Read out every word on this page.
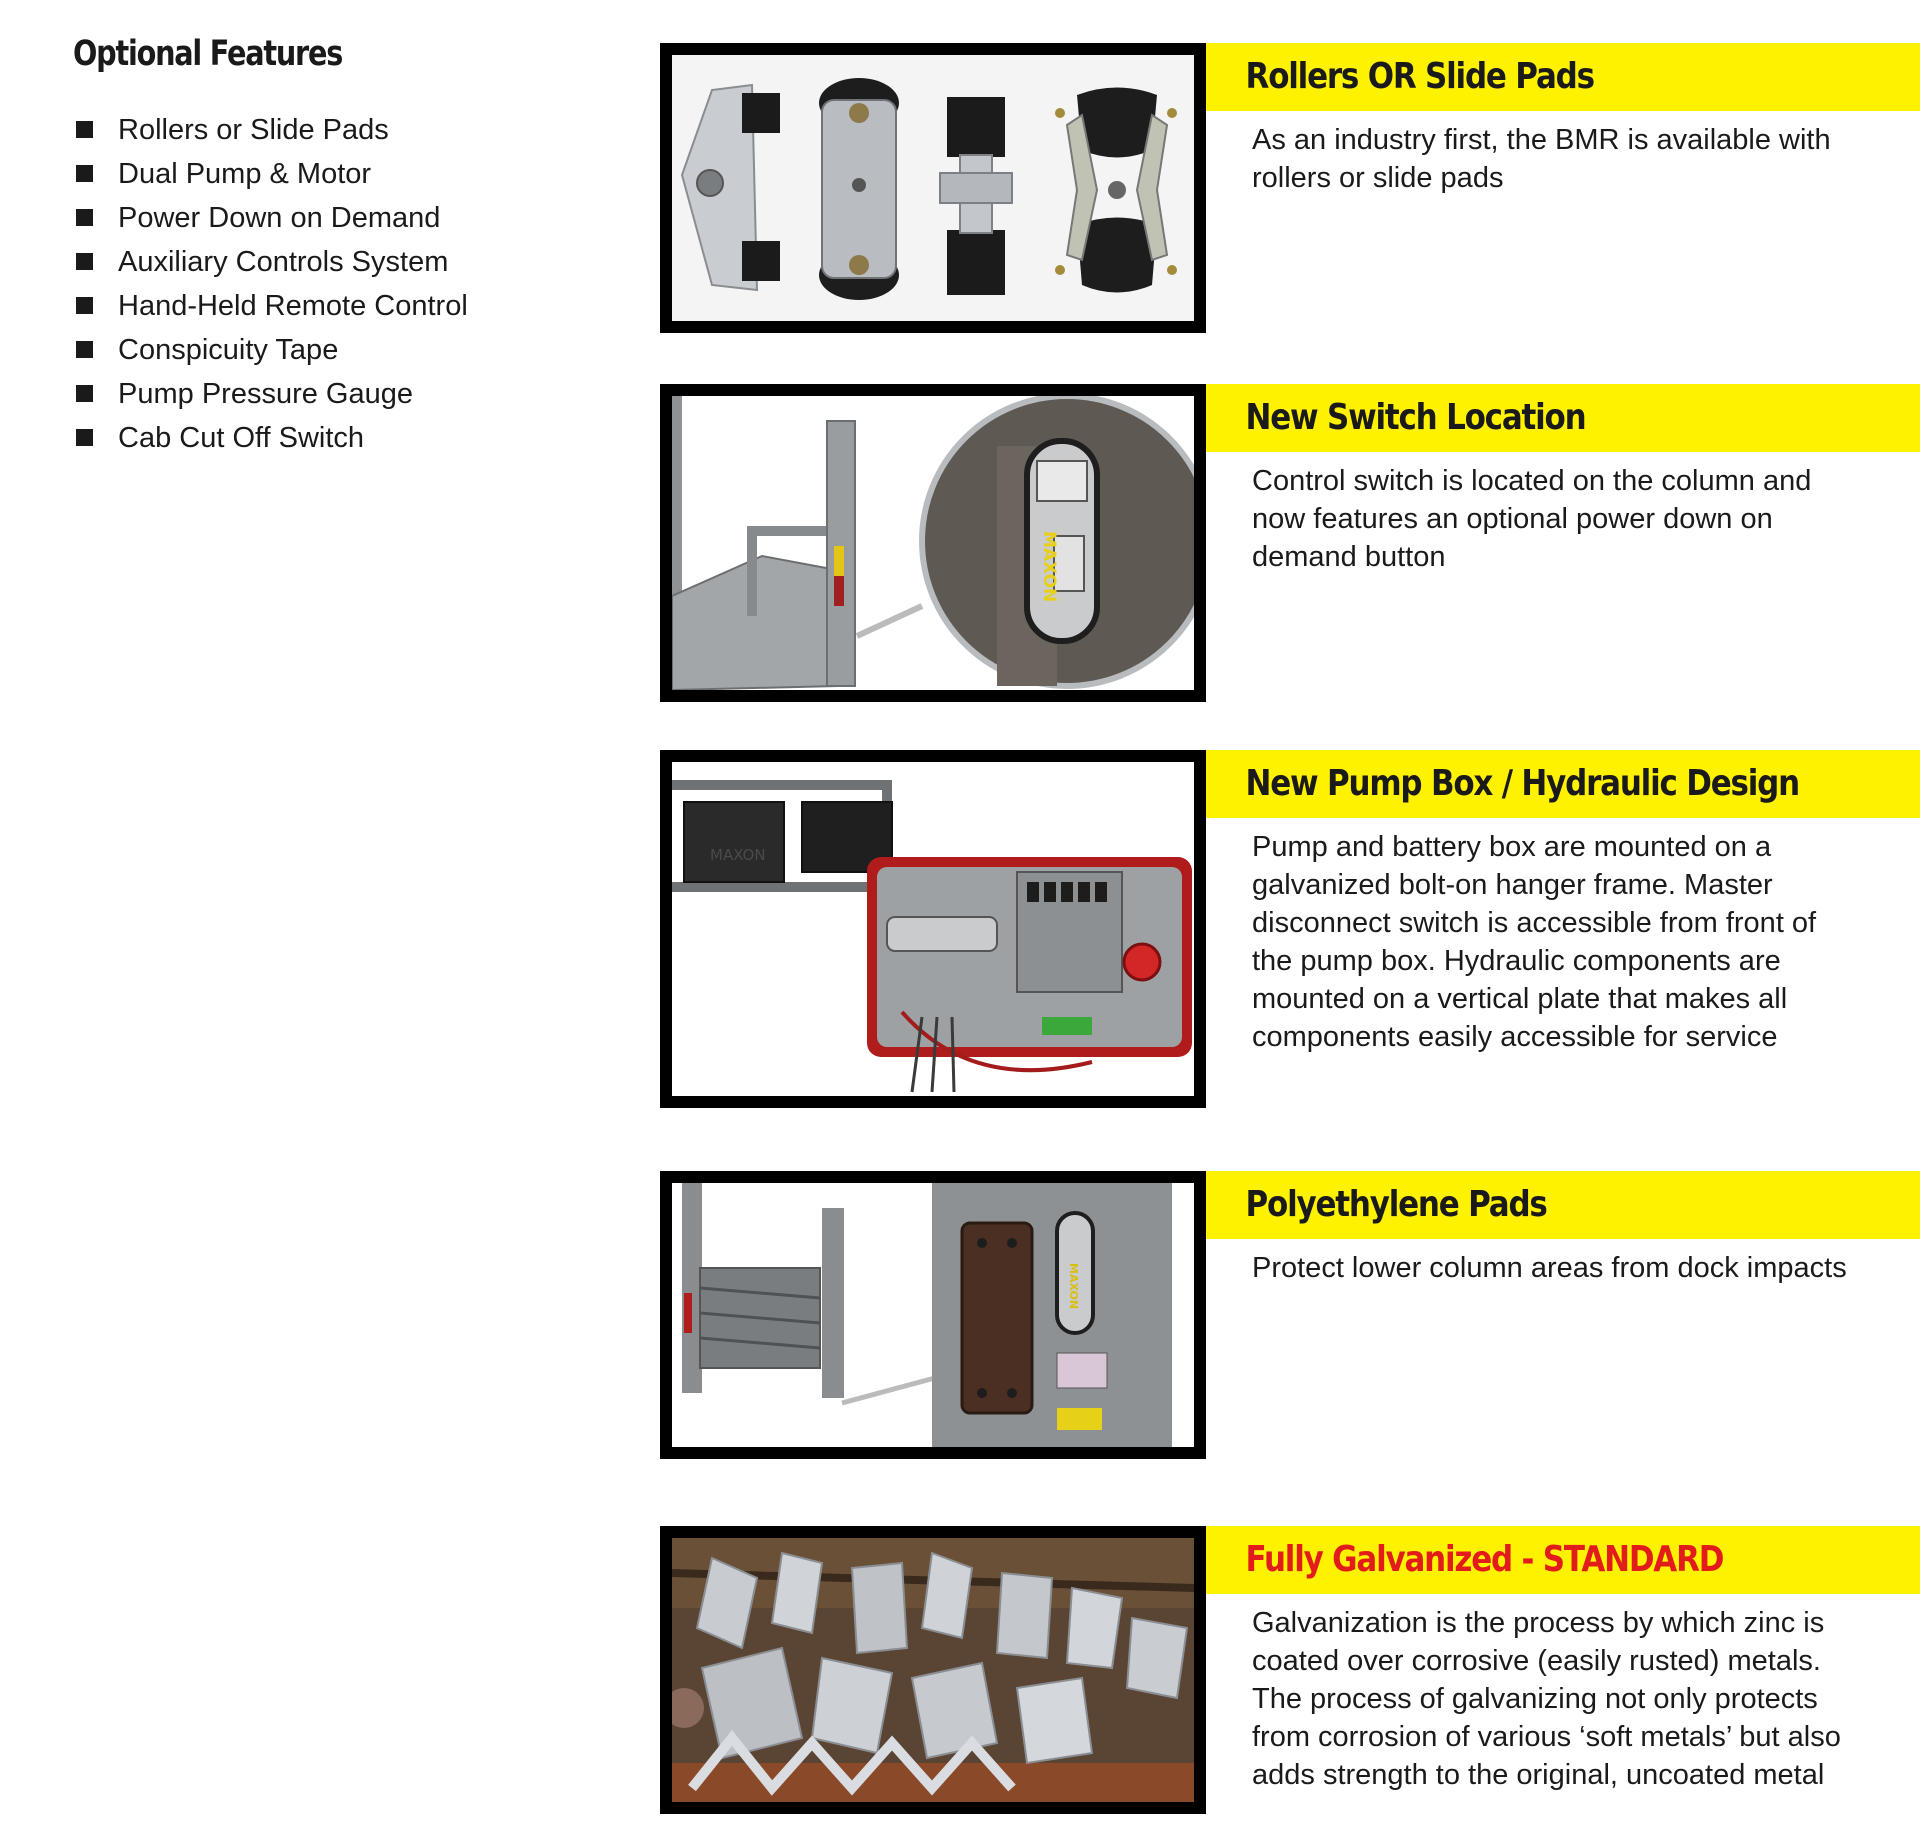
Optional Features
Rollers or Slide Pads
Dual Pump & Motor
Power Down on Demand
Auxiliary Controls System
Hand-Held Remote Control
Conspicuity Tape
Pump Pressure Gauge
Cab Cut Off Switch
Rollers OR Slide Pads

As an industry first, the BMR is available with rollers or slide pads

MAXON
New Switch Location

Control switch is located on the column and now features an optional power down on demand button

MAXON
New Pump Box / Hydraulic Design

Pump and battery box are mounted on a galvanized bolt-on hanger frame. Master disconnect switch is accessible from front of the pump box. Hydraulic components are mounted on a vertical plate that makes all components easily accessible for service

MAXON
Polyethylene Pads

Protect lower column areas from dock impacts

Fully Galvanized - STANDARD

Galvanization is the process by which zinc is coated over corrosive (easily rusted) metals. The process of galvanizing not only protects from corrosion of various ‘soft metals’ but also adds strength to the original, uncoated metal
